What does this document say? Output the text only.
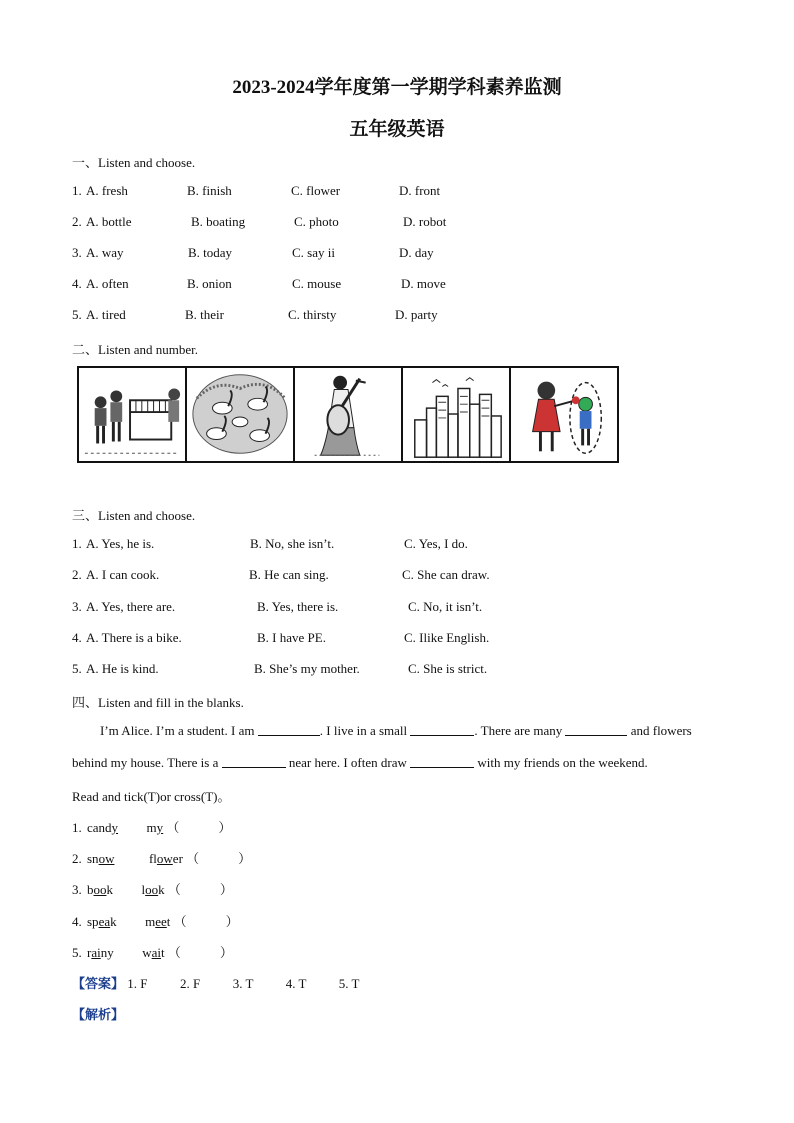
2023-2024学年度第一学期学科素养监测
五年级英语
一、Listen and choose.
1. A. fresh	B. finish	C. flower	D. front
2. A. bottle	B. boating	C. photo	D. robot
3. A. way	B. today	C. say ii	D. day
4. A. often	B. onion	C. mouse	D. move
5. A. tired	B. their	C. thirsty	D. party
二、Listen and number.
三、Listen and choose.
1. A. Yes, he is.	B. No, she isn’t.	C. Yes, I do.
2. A. I can cook.	B. He can sing.	C. She can draw.
3. A. Yes, there are.	B. Yes, there is.	C. No, it isn’t.
4. A. There is a bike.	B. I have PE.	C. Ilike English.
5. A. He is kind.	B. She’s my mother.	C. She is strict.
四、Listen and fill in the blanks.
I’m Alice. I’m a student. I am	. I live in a small	. There are many	and flowers
behind my house. There is a	near here. I often draw	with my friends on the weekend.
Read and tick(T)or cross(T)。
1. candy my （　　　）
2. snow	flower （　　　）
3. book look （　　　）
4. speak meet （　　　）
5. rainy wait （　　　）
【答案】 1. F	2. F	3. T	4. T	5. T
【解析】
